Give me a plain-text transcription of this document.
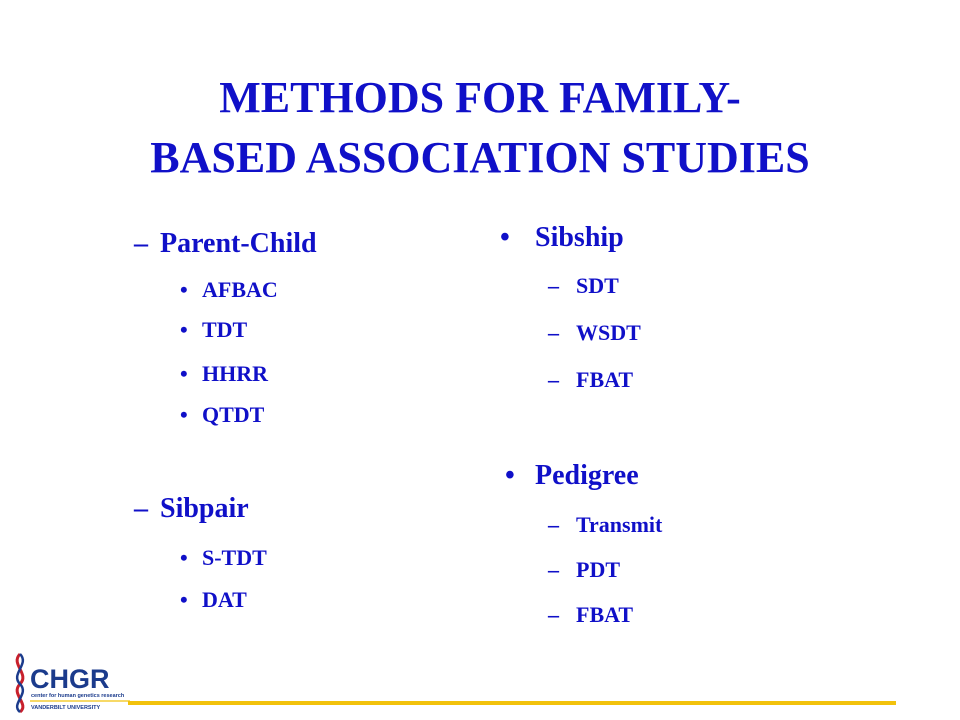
METHODS FOR FAMILY-
BASED ASSOCIATION STUDIES
– Parent-Child
• AFBAC
• TDT
• HHRR
• QTDT
– Sibpair
• S-TDT
• DAT
• Sibship
– SDT
– WSDT
– FBAT
• Pedigree
– Transmit
– PDT
– FBAT
CHGR
center for human genetics research
VANDERBILT UNIVERSITY
